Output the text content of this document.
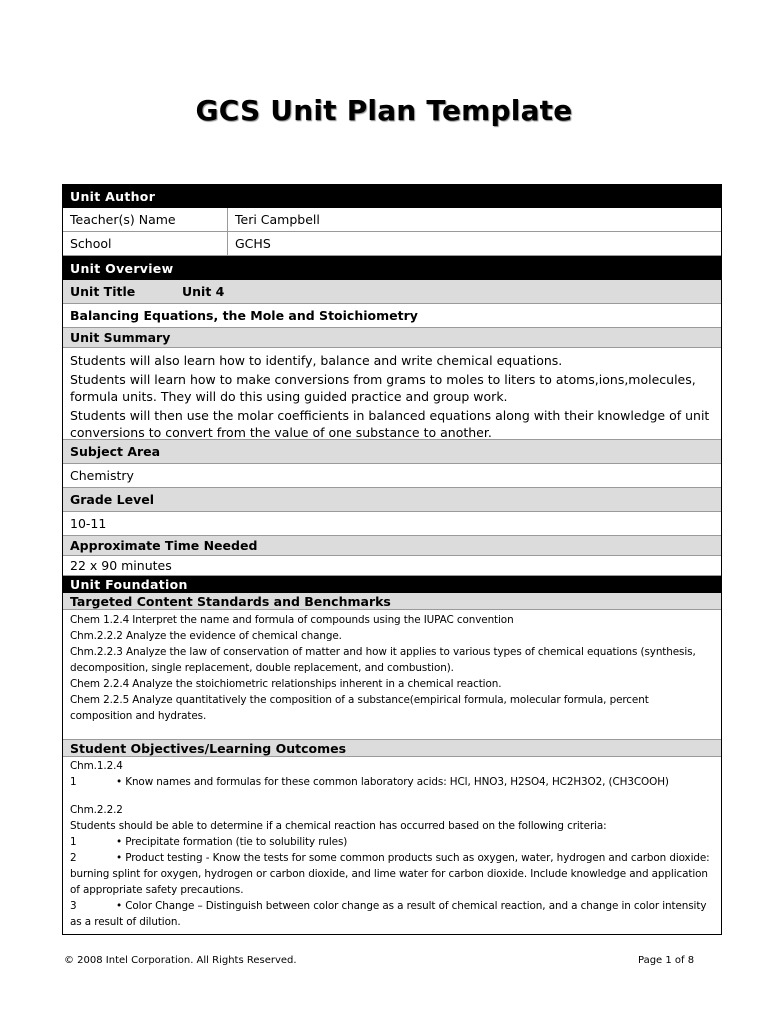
GCS Unit Plan Template
Unit Author
Teacher(s) Name	Teri Campbell
School	GCHS
Unit Overview
Unit Title	Unit 4
Balancing Equations, the Mole and Stoichiometry
Unit Summary
Students will also learn how to identify, balance and write chemical equations.
Students will learn how to make conversions from grams to moles to liters to atoms,ions,molecules, formula units. They will do this using guided practice and group work.
Students will then use the molar coefficients in balanced equations along with their knowledge of unit conversions to convert from the value of one substance to another.
Subject Area
Chemistry
Grade Level
10-11
Approximate Time Needed
22 x 90 minutes
Unit Foundation
Targeted Content Standards and Benchmarks
Chem 1.2.4 Interpret the name and formula of compounds using the IUPAC convention
Chm.2.2.2 Analyze the evidence of chemical change.
Chm.2.2.3 Analyze the law of conservation of matter and how it applies to various types of chemical equations (synthesis, decomposition, single replacement, double replacement, and combustion).
Chem 2.2.4 Analyze the stoichiometric relationships inherent in a chemical reaction.
Chem 2.2.5 Analyze quantitatively the composition of a substance(empirical formula, molecular formula, percent composition and hydrates.
Student Objectives/Learning Outcomes
Chm.1.2.4
1	• Know names and formulas for these common laboratory acids: HCl, HNO3, H2SO4, HC2H3O2, (CH3COOH)
Chm.2.2.2
Students should be able to determine if a chemical reaction has occurred based on the following criteria:
1	• Precipitate formation (tie to solubility rules)
2	• Product testing - Know the tests for some common products such as oxygen, water, hydrogen and carbon dioxide: burning splint for oxygen, hydrogen or carbon dioxide, and lime water for carbon dioxide. Include knowledge and application of appropriate safety precautions.
3	• Color Change – Distinguish between color change as a result of chemical reaction, and a change in color intensity as a result of dilution.
© 2008 Intel Corporation. All Rights Reserved.	Page 1 of 8
